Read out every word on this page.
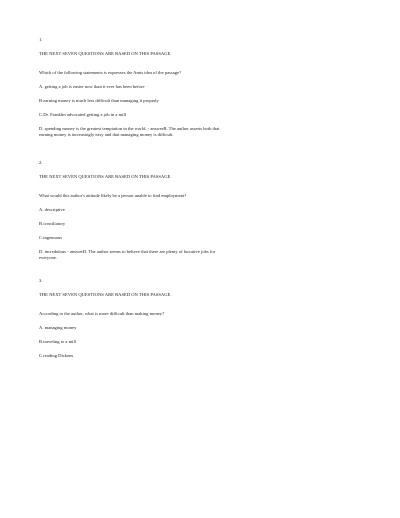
1.
THE NEXT SEVEN QUESTIONS ARE BASED ON THIS PASSAGE.
Which of the following statements is expresses the Amis idea of the passage?
A. getting a job is easier now than it ever has been before
B.earning money is much less difficult than managing it properly
C.Dr. Franklin advocated getting a job in a mill
D. spending money is the greatest temptation in the world. - answerB. The author asserts both that earning money is increasingly easy and that managing money is difficult.
2.
THE NEXT SEVEN QUESTIONS ARE BASED ON THIS PASSAGE.
What would this author's attitude likely be a person unable to find employment?
A. descriptive
B.conciliatory
C.ingenuous
D. incredulous - answerD. The author seems to believe that there are plenty of lucrative jobs for everyone.
3.
THE NEXT SEVEN QUESTIONS ARE BASED ON THIS PASSAGE.
According to the author, what is more difficult than making money?
A. managing money
B.traveling to a mill
C.reading Dickens
